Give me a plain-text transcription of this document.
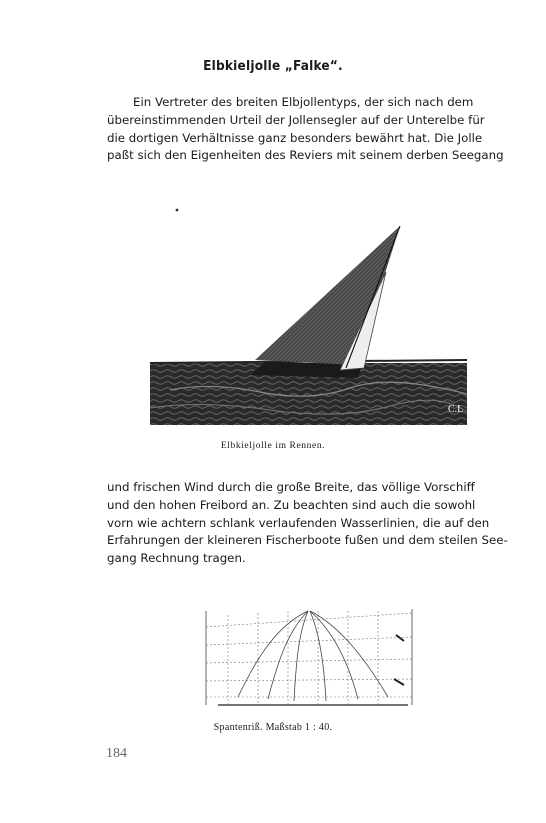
Elbkieljolle „Falke“.
Ein Vertreter des breiten Elbjollentyps, der sich nach dem
übereinstimmenden Urteil der Jollensegler auf der Unterelbe für
die dortigen Verhältnisse ganz besonders bewährt hat. Die Jolle
paßt sich den Eigenheiten des Reviers mit seinem derben Seegang
C.L
Elbkieljolle im Rennen.
und frischen Wind durch die große Breite, das völlige Vorschiff
und den hohen Freibord an. Zu beachten sind auch die sowohl
vorn wie achtern schlank verlaufenden Wasserlinien, die auf den
Erfahrungen der kleineren Fischerboote fußen und dem steilen See-
gang Rechnung tragen.
Spantenriß. Maßstab 1 : 40.
184
